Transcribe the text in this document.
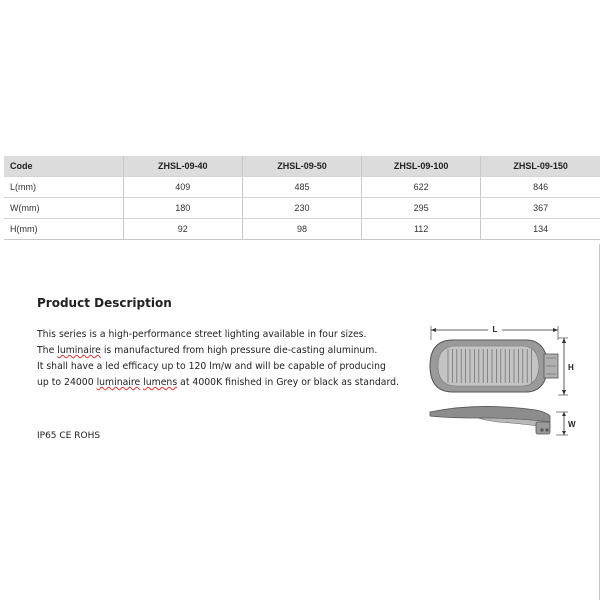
Code	ZHSL-09-40	ZHSL-09-50	ZHSL-09-100	ZHSL-09-150
L(mm)	409	485	622	846
W(mm)	180	230	295	367
H(mm)	92	98	112	134
Product Description
This series is a high-performance street lighting available in four sizes.
The luminaire is manufactured from high pressure die-casting aluminum.
It shall have a led efficacy up to 120 lm/w and will be capable of producing
up to 24000 luminaire lumens at 4000K finished in Grey or black as standard.

IP65 CE ROHS

L
H
W
